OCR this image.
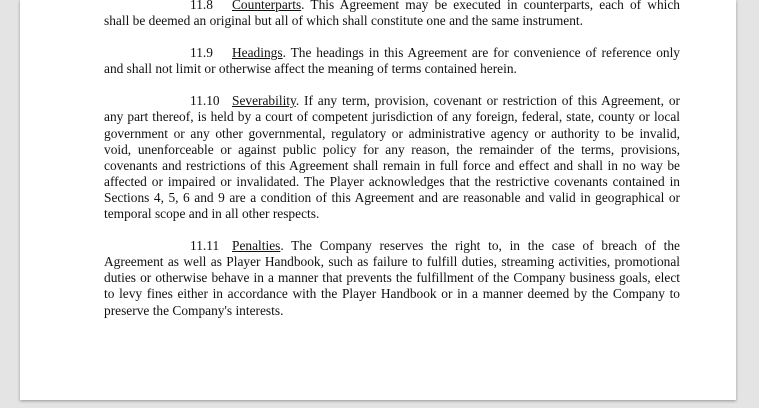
11.8 Counterparts. This Agreement may be executed in counterparts, each of which shall be deemed an original but all of which shall constitute one and the same instrument.

11.9 Headings. The headings in this Agreement are for convenience of reference only and shall not limit or otherwise affect the meaning of terms contained herein.

11.10 Severability. If any term, provision, covenant or restriction of this Agreement, or any part thereof, is held by a court of competent jurisdiction of any foreign, federal, state, county or local government or any other governmental, regulatory or administrative agency or authority to be invalid, void, unenforceable or against public policy for any reason, the remainder of the terms, provisions, covenants and restrictions of this Agreement shall remain in full force and effect and shall in no way be affected or impaired or invalidated. The Player acknowledges that the restrictive covenants contained in Sections 4, 5, 6 and 9 are a condition of this Agreement and are reasonable and valid in geographical or temporal scope and in all other respects.

11.11 Penalties. The Company reserves the right to, in the case of breach of the Agreement as well as Player Handbook, such as failure to fulfill duties, streaming activities, promotional duties or otherwise behave in a manner that prevents the fulfillment of the Company business goals, elect to levy fines either in accordance with the Player Handbook or in a manner deemed by the Company to preserve the Company's interests.
